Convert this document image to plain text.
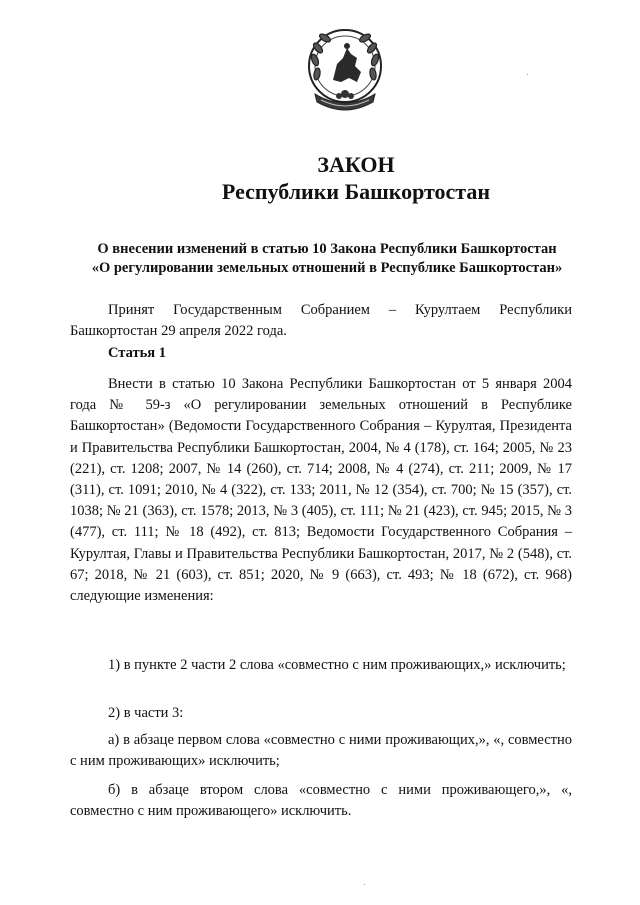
ЗАКОН
Республики Башкортостан
О внесении изменений в статью 10 Закона Республики Башкортостан
«О регулировании земельных отношений в Республике Башкортостан»
Принят Государственным Собранием – Курултаем Республики Башкортостан 29 апреля 2022 года.
Статья 1
Внести в статью 10 Закона Республики Башкортостан от 5 января 2004 года № 59-з «О регулировании земельных отношений в Республике Башкортостан» (Ведомости Государственного Собрания – Курултая, Президента и Правительства Республики Башкортостан, 2004, № 4 (178), ст. 164; 2005, № 23 (221), ст. 1208; 2007, № 14 (260), ст. 714; 2008, № 4 (274), ст. 211; 2009, № 17 (311), ст. 1091; 2010, № 4 (322), ст. 133; 2011, № 12 (354), ст. 700; № 15 (357), ст. 1038; № 21 (363), ст. 1578; 2013, № 3 (405), ст. 111; № 21 (423), ст. 945; 2015, № 3 (477), ст. 111; № 18 (492), ст. 813; Ведомости Государственного Собрания – Курултая, Главы и Правительства Республики Башкортостан, 2017, № 2 (548), ст. 67; 2018, № 21 (603), ст. 851; 2020, № 9 (663), ст. 493; № 18 (672), ст. 968) следующие изменения:
1) в пункте 2 части 2 слова «совместно с ним проживающих,» исключить;
2) в части 3:
а) в абзаце первом слова «совместно с ними проживающих,», «, совместно с ним проживающих» исключить;
б) в абзаце втором слова «совместно с ними проживающего,», «, совместно с ним проживающего» исключить.
